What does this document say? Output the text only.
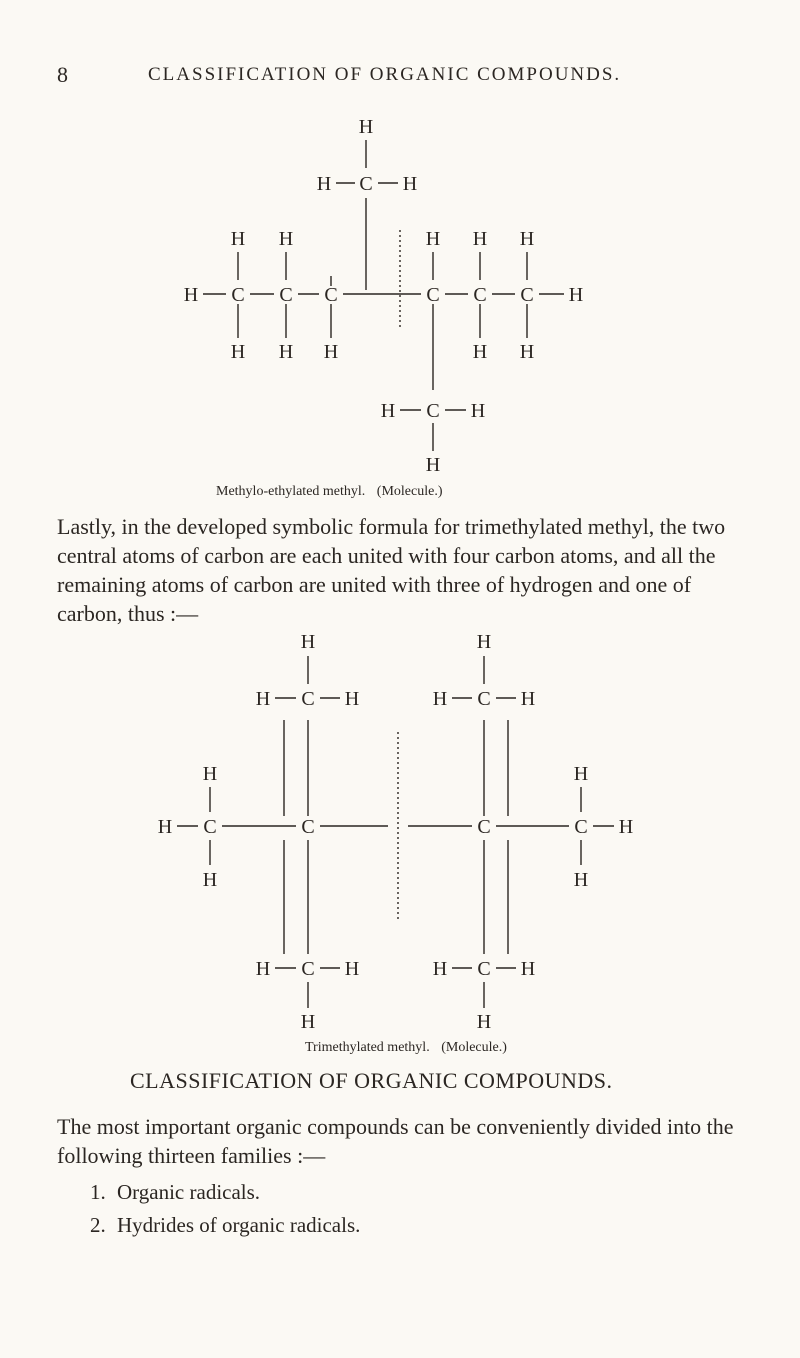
8	CLASSIFICATION OF ORGANIC COMPOUNDS.
H
H C H
H H	H H H
H C C C	C C C H
H H H	H H
H C H
H
Methylo-ethylated methyl. (Molecule.)
Lastly, in the developed symbolic formula for trimethylated methyl, the two central atoms of carbon are each united with four carbon atoms, and all the remaining atoms of carbon are united with three of hydrogen and one of carbon, thus :—
H	H
H C H	H C H
H	H
H C	C	C	C H
H	H
H C H	H C H
H	H
Trimethylated methyl. (Molecule.)
CLASSIFICATION OF ORGANIC COMPOUNDS.
The most important organic compounds can be conveniently divided into the following thirteen families :—
1. Organic radicals.
2. Hydrides of organic radicals.
